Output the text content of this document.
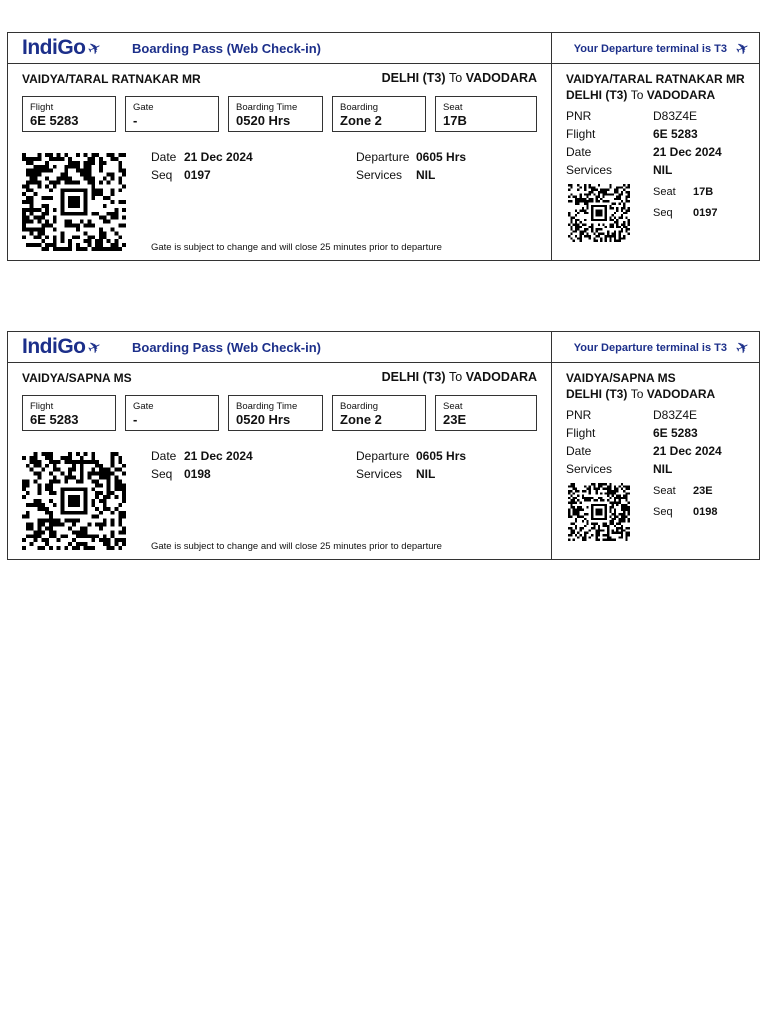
IndiGo✈ Boarding Pass (Web Check-in)
VAIDYA/TARAL RATNAKAR MR	DELHI (T3) To VADODARA
Flight
6E 5283
Gate
-
Boarding Time
0520 Hrs
Boarding
Zone 2
Seat
17B
Date 21 Dec 2024
Seq 0197
Departure 0605 Hrs
Services NIL
Gate is subject to change and will close 25 minutes prior to departure
Your Departure terminal is T3 ✈
VAIDYA/TARAL RATNAKAR MR
DELHI (T3) To VADODARA
PNR	D83Z4E
Flight	6E 5283
Date	21 Dec 2024
Services	NIL
Seat 17B
Seq 0197
IndiGo✈ Boarding Pass (Web Check-in)
VAIDYA/SAPNA MS	DELHI (T3) To VADODARA
Flight
6E 5283
Gate
-
Boarding Time
0520 Hrs
Boarding
Zone 2
Seat
23E
Date 21 Dec 2024
Seq 0198
Departure 0605 Hrs
Services NIL
Gate is subject to change and will close 25 minutes prior to departure
Your Departure terminal is T3 ✈
VAIDYA/SAPNA MS
DELHI (T3) To VADODARA
PNR	D83Z4E
Flight	6E 5283
Date	21 Dec 2024
Services	NIL
Seat 23E
Seq 0198
